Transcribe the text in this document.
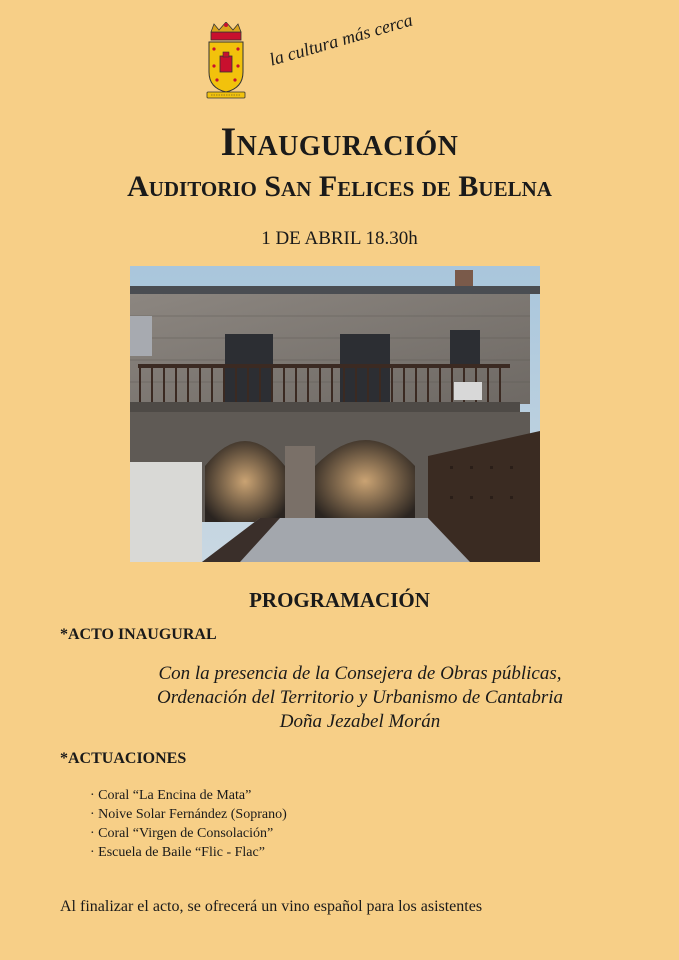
la cultura más cerca
Inauguración
Auditorio San Felices de Buelna
1 DE ABRIL 18.30h
PROGRAMACIÓN
*ACTO INAUGURAL
Con la presencia de la Consejera de Obras públicas,
Ordenación del Territorio y Urbanismo de Cantabria
Doña Jezabel Morán
*ACTUACIONES
· Coral “La Encina de Mata”
· Noive Solar Fernández (Soprano)
· Coral “Virgen de Consolación”
· Escuela de Baile “Flic - Flac”
Al finalizar el acto, se ofrecerá un vino español para los asistentes
